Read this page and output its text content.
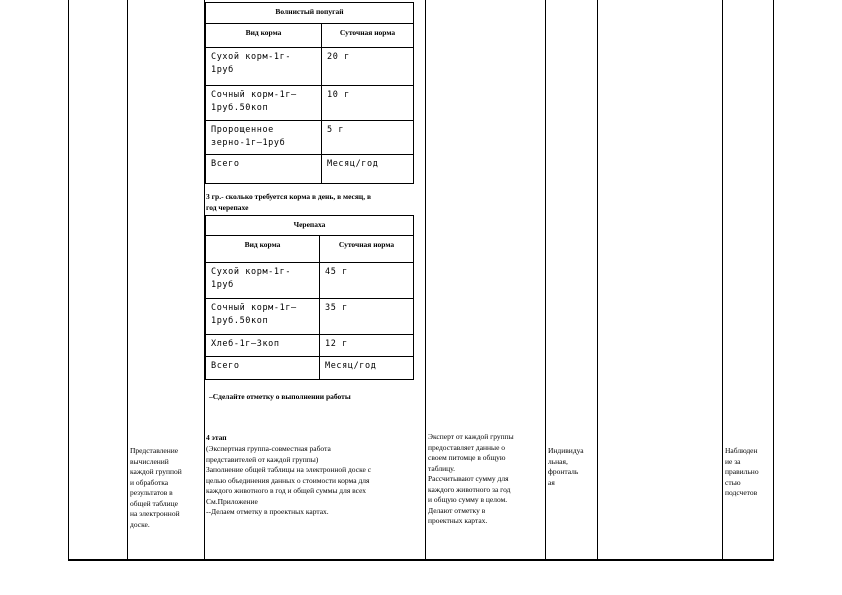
Волнистый попугай	
Вид корма	Суточная норма
Сухой корм-1г-
1руб	20 г
Сочный корм-1г—
1руб.50коп	10 г
Пророщенное
зерно-1г—1руб	5 г
Всего	Месяц/год
3 гр.- сколько требуется корма в день, в месяц, в
год черепахе
Черепаха	
Вид корма	Суточная норма
Сухой корм-1г-
1руб	45 г
Сочный корм-1г—
1руб.50коп	35 г
Хлеб-1г—3коп	12 г
Всего	Месяц/год
–Сделайте отметку о выполнении работы
4 этап
(Экспертная группа-совместная работа
представителей от каждой группы)
Заполнение общей таблицы на электронной доске с
целью объединения данных о стоимости корма для
каждого животного в год и общей суммы для всех
См.Приложение
--Делаем отметку в проектных картах.
Представление
вычислений
каждой группой
и обработка
результатов в
общей таблице
на электронной
доске.
Эксперт от каждой группы
предоставляет данные о
своем питомце в общую
таблицу.
Рассчитывают сумму для
каждого животного за год
и общую сумму в целом.
Делают отметку в
проектных картах.
Индивидуа
льная,
фронталь
ая
Наблюден
ие за
правильно
стью
подсчетов
